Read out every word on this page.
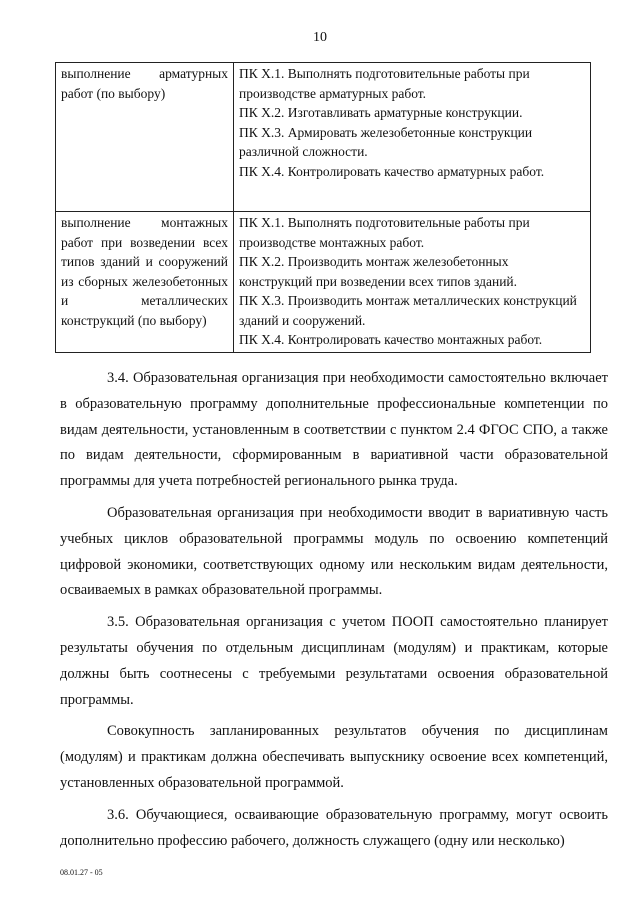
10
выполнение арматурных работ (по выбору)	ПК Х.1. Выполнять подготовительные работы при производстве арматурных работ.
ПК Х.2. Изготавливать арматурные конструкции.
ПК Х.3. Армировать железобетонные конструкции различной сложности.
ПК Х.4. Контролировать качество арматурных работ.

выполнение монтажных работ при возведении всех типов зданий и сооружений из сборных железобетонных и металлических конструкций (по выбору)	ПК Х.1. Выполнять подготовительные работы при производстве монтажных работ.
ПК Х.2. Производить монтаж железобетонных конструкций при возведении всех типов зданий.
ПК Х.3. Производить монтаж металлических конструкций зданий и сооружений.
ПК Х.4. Контролировать качество монтажных работ.

3.4. Образовательная организация при необходимости самостоятельно включает в образовательную программу дополнительные профессиональные компетенции по видам деятельности, установленным в соответствии с пунктом 2.4 ФГОС СПО, а также по видам деятельности, сформированным в вариативной части образовательной программы для учета потребностей регионального рынка труда.

Образовательная организация при необходимости вводит в вариативную часть учебных циклов образовательной программы модуль по освоению компетенций цифровой экономики, соответствующих одному или нескольким видам деятельности, осваиваемых в рамках образовательной программы.

3.5. Образовательная организация с учетом ПООП самостоятельно планирует результаты обучения по отдельным дисциплинам (модулям) и практикам, которые должны быть соотнесены с требуемыми результатами освоения образовательной программы.

Совокупность запланированных результатов обучения по дисциплинам (модулям) и практикам должна обеспечивать выпускнику освоение всех компетенций, установленных образовательной программой.

3.6. Обучающиеся, осваивающие образовательную программу, могут освоить дополнительно профессию рабочего, должность служащего (одну или несколько)

08.01.27 - 05
